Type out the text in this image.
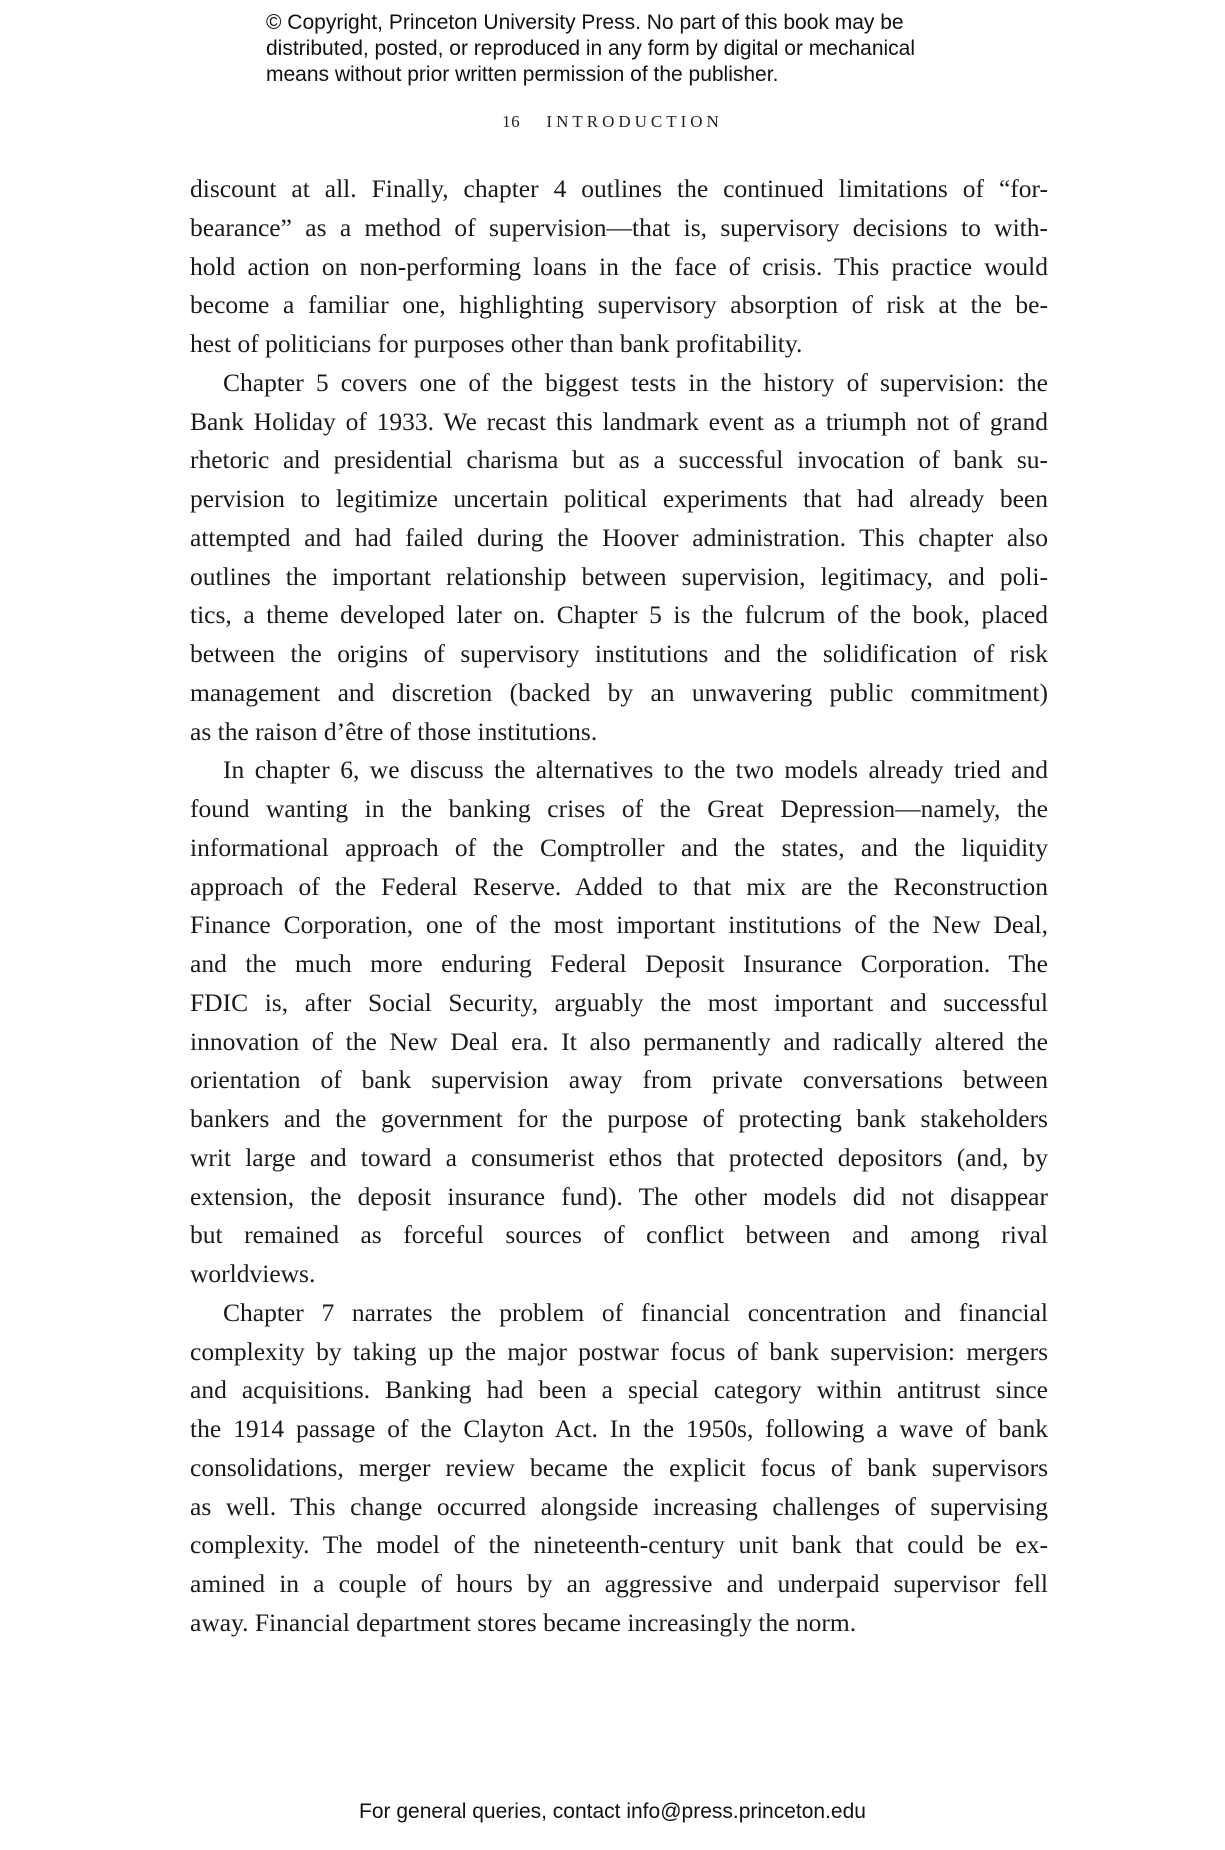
© Copyright, Princeton University Press. No part of this book may be
distributed, posted, or reproduced in any form by digital or mechanical
means without prior written permission of the publisher.
16 INTRODUCTION
discount at all. Finally, chapter 4 outlines the continued limitations of “for-
bearance” as a method of supervision—that is, supervisory decisions to with-
hold action on non-performing loans in the face of crisis. This practice would
become a familiar one, highlighting supervisory absorption of risk at the be-
hest of politicians for purposes other than bank profitability.
Chapter 5 covers one of the biggest tests in the history of supervision: the
Bank Holiday of 1933. We recast this landmark event as a triumph not of grand
rhetoric and presidential charisma but as a successful invocation of bank su-
pervision to legitimize uncertain political experiments that had already been
attempted and had failed during the Hoover administration. This chapter also
outlines the important relationship between supervision, legitimacy, and poli-
tics, a theme developed later on. Chapter 5 is the fulcrum of the book, placed
between the origins of supervisory institutions and the solidification of risk
management and discretion (backed by an unwavering public commitment)
as the raison d’être of those institutions.
In chapter 6, we discuss the alternatives to the two models already tried and
found wanting in the banking crises of the Great Depression—namely, the
informational approach of the Comptroller and the states, and the liquidity
approach of the Federal Reserve. Added to that mix are the Reconstruction
Finance Corporation, one of the most important institutions of the New Deal,
and the much more enduring Federal Deposit Insurance Corporation. The
FDIC is, after Social Security, arguably the most important and successful
innovation of the New Deal era. It also permanently and radically altered the
orientation of bank supervision away from private conversations between
bankers and the government for the purpose of protecting bank stakeholders
writ large and toward a consumerist ethos that protected depositors (and, by
extension, the deposit insurance fund). The other models did not disappear
but remained as forceful sources of conflict between and among rival
worldviews.
Chapter 7 narrates the problem of financial concentration and financial
complexity by taking up the major postwar focus of bank supervision: mergers
and acquisitions. Banking had been a special category within antitrust since
the 1914 passage of the Clayton Act. In the 1950s, following a wave of bank
consolidations, merger review became the explicit focus of bank supervisors
as well. This change occurred alongside increasing challenges of supervising
complexity. The model of the nineteenth-century unit bank that could be ex-
amined in a couple of hours by an aggressive and underpaid supervisor fell
away. Financial department stores became increasingly the norm.
For general queries, contact info@press.princeton.edu
